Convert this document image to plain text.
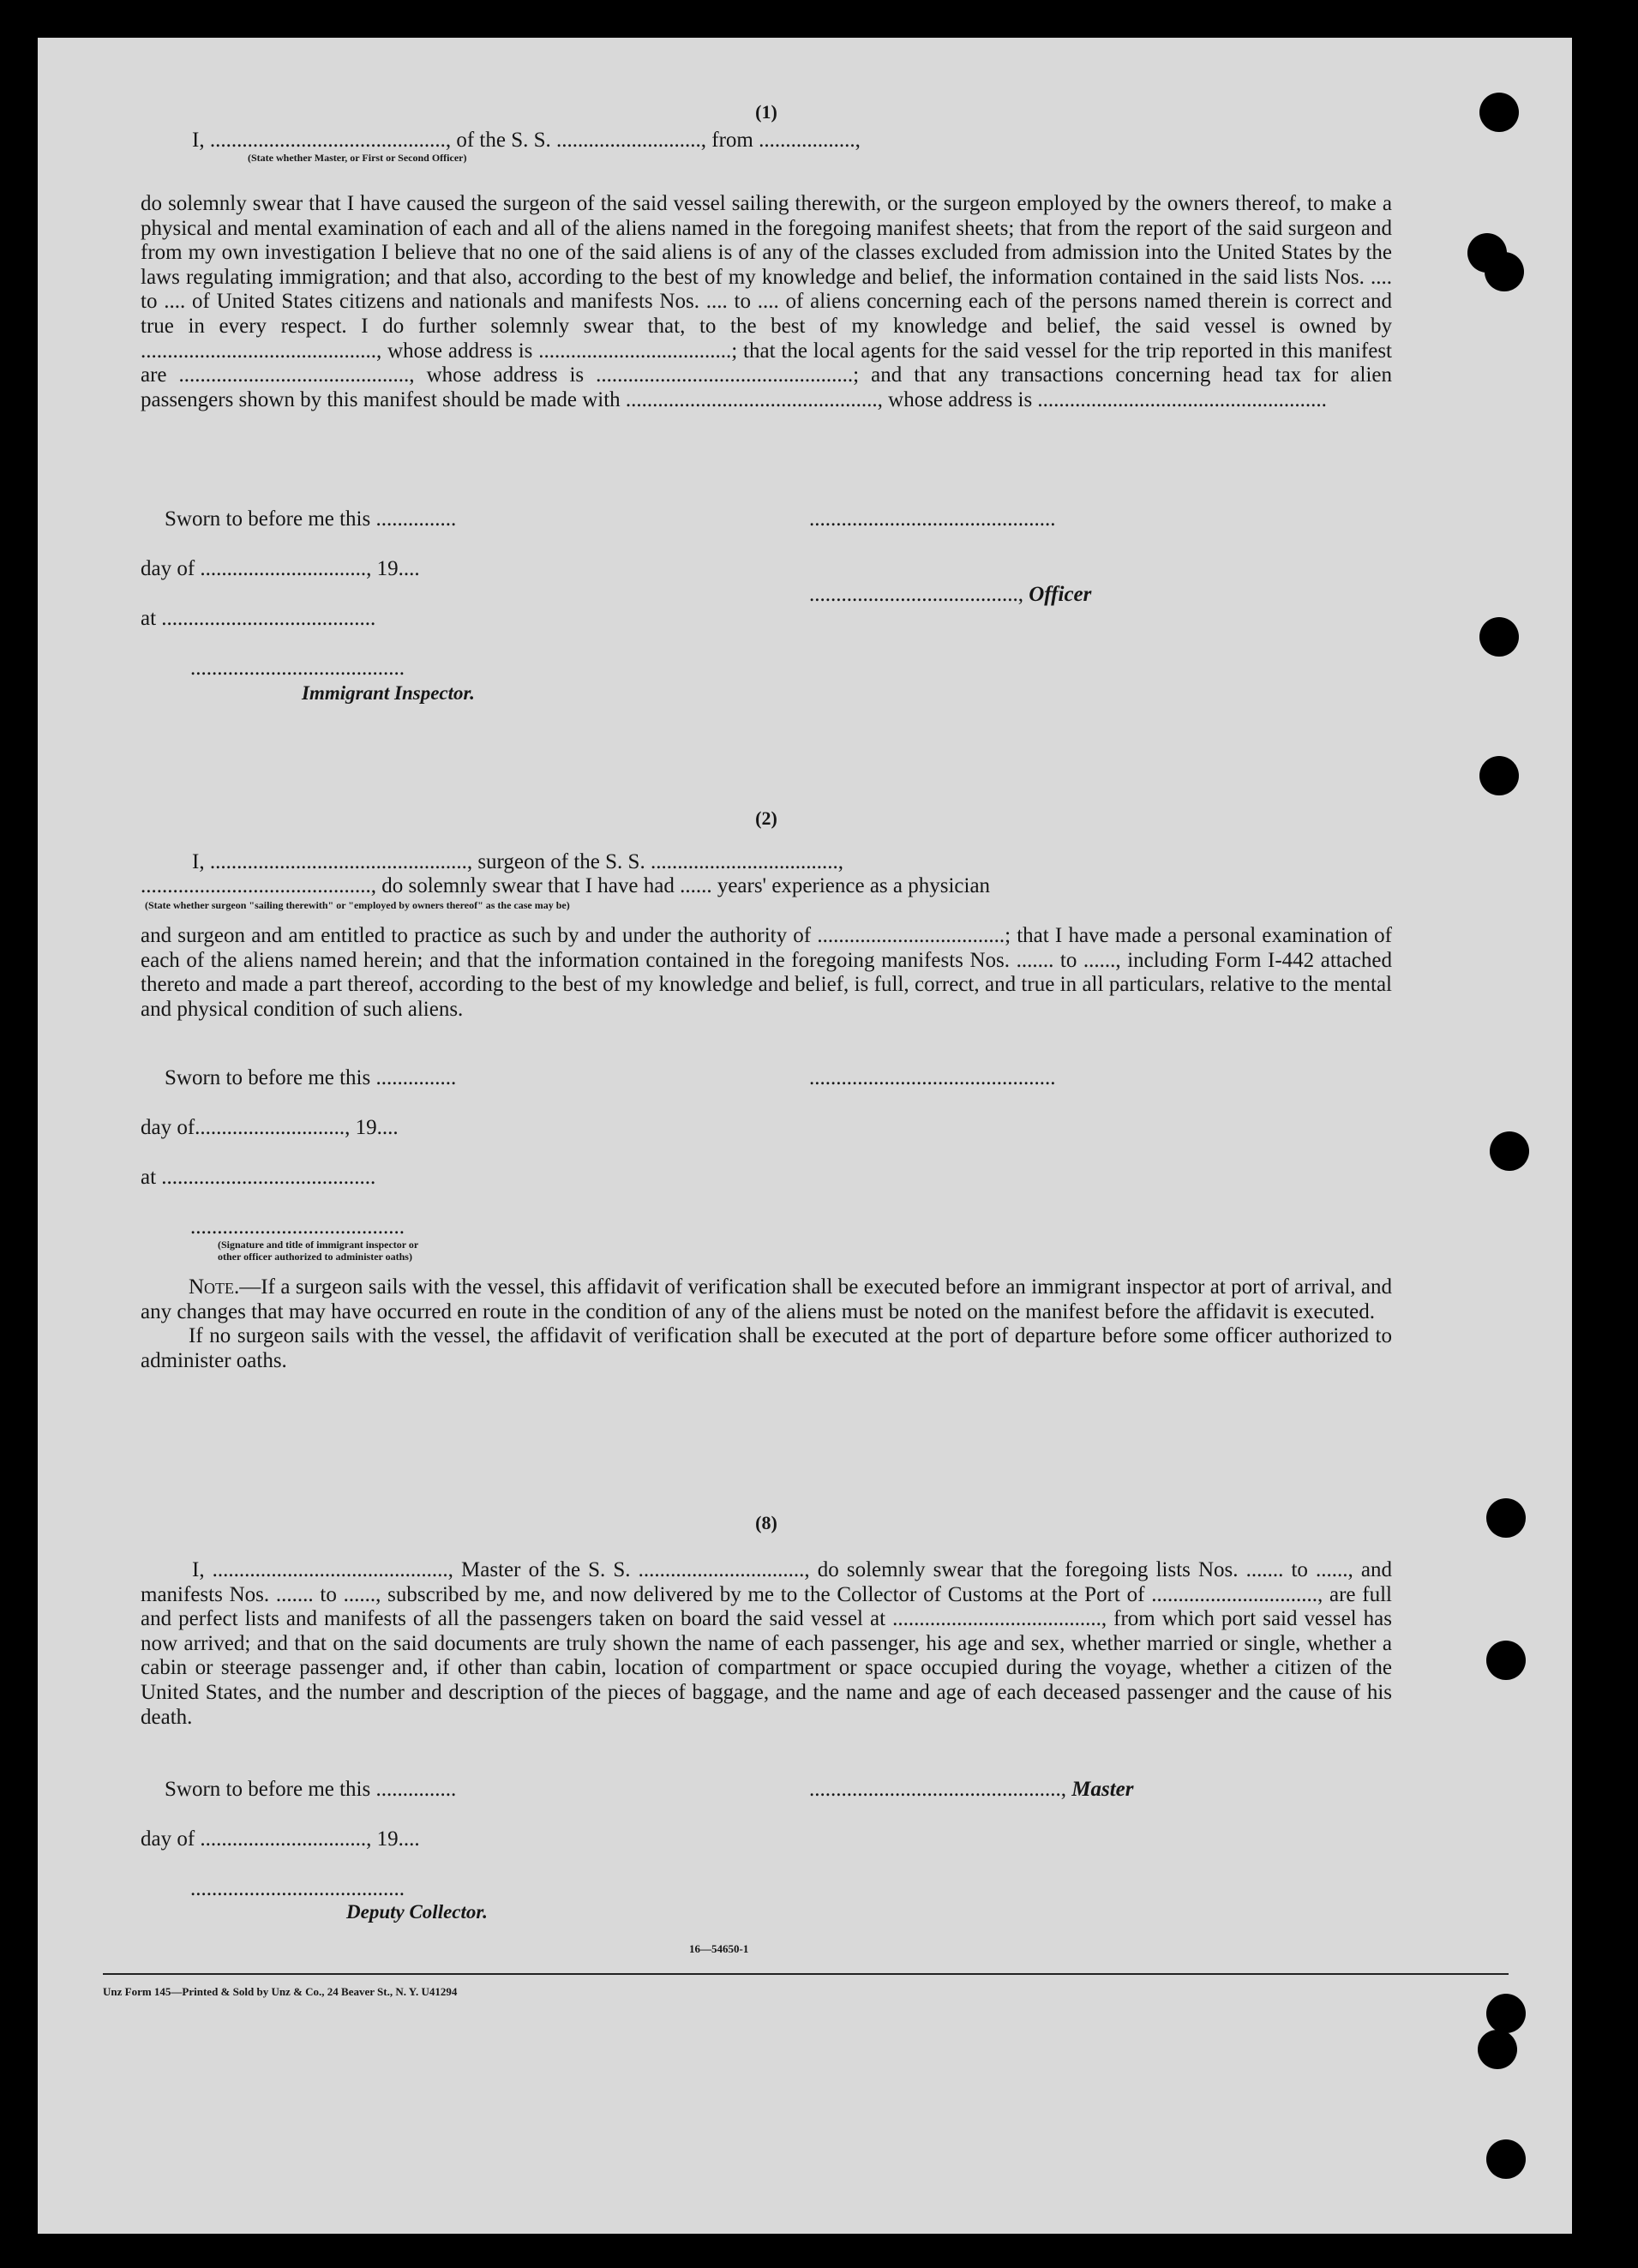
(1)
I, ............................................, of the S. S. ..........................., from ..................,
(State whether Master, or First or Second Officer)

do solemnly swear that I have caused the surgeon of the said vessel sailing therewith, or the surgeon employed by the owners thereof, to make a physical and mental examination of each and all of the aliens named in the foregoing manifest sheets; that from the report of the said surgeon and from my own investigation I believe that no one of the said aliens is of any of the classes excluded from admission into the United States by the laws regulating immigration; and that also, according to the best of my knowledge and belief, the information contained in the said lists Nos. .... to .... of United States citizens and nationals and manifests Nos. .... to .... of aliens concerning each of the persons named therein is correct and true in every respect. I do further solemnly swear that, to the best of my knowledge and belief, the said vessel is owned by ............................................, whose address is ....................................; that the local agents for the said vessel for the trip reported in this manifest are ..........................................., whose address is ................................................; and that any transactions concerning head tax for alien passengers shown by this manifest should be made with ..............................................., whose address is ......................................................

Sworn to before me this ...............	..............................................
day of ..............................., 19....
......................................., Officer
at ........................................
........................................
Immigrant Inspector.
(2)
I, ................................................, surgeon of the S. S. ...................................,
..........................................., do solemnly swear that I have had ...... years' experience as a physician
(State whether surgeon "sailing therewith" or "employed by owners thereof" as the case may be)

and surgeon and am entitled to practice as such by and under the authority of ...................................; that I have made a personal examination of each of the aliens named herein; and that the information contained in the foregoing manifests Nos. ....... to ......, including Form I-442 attached thereto and made a part thereof, according to the best of my knowledge and belief, is full, correct, and true in all particulars, relative to the mental and physical condition of such aliens.

Sworn to before me this ...............	..............................................
day of............................, 19....
at ........................................
........................................
(Signature and title of immigrant inspector or
other officer authorized to administer oaths)

Note.—If a surgeon sails with the vessel, this affidavit of verification shall be executed before an immigrant inspector at port of arrival, and any changes that may have occurred en route in the condition of any of the aliens must be noted on the manifest before the affidavit is executed.

If no surgeon sails with the vessel, the affidavit of verification shall be executed at the port of departure before some officer authorized to administer oaths.

(8)

I, ............................................, Master of the S. S. ..............................., do solemnly swear that the foregoing lists Nos. ....... to ......, and manifests Nos. ....... to ......, subscribed by me, and now delivered by me to the Collector of Customs at the Port of ..............................., are full and perfect lists and manifests of all the passengers taken on board the said vessel at ......................................., from which port said vessel has now arrived; and that on the said documents are truly shown the name of each passenger, his age and sex, whether married or single, whether a cabin or steerage passenger and, if other than cabin, location of compartment or space occupied during the voyage, whether a citizen of the United States, and the number and description of the pieces of baggage, and the name and age of each deceased passenger and the cause of his death.

Sworn to before me this ...............	..............................................., Master
day of ..............................., 19....
........................................
Deputy Collector.
16—54650-1
Unz Form 145—Printed & Sold by Unz & Co., 24 Beaver St., N. Y. U41294
